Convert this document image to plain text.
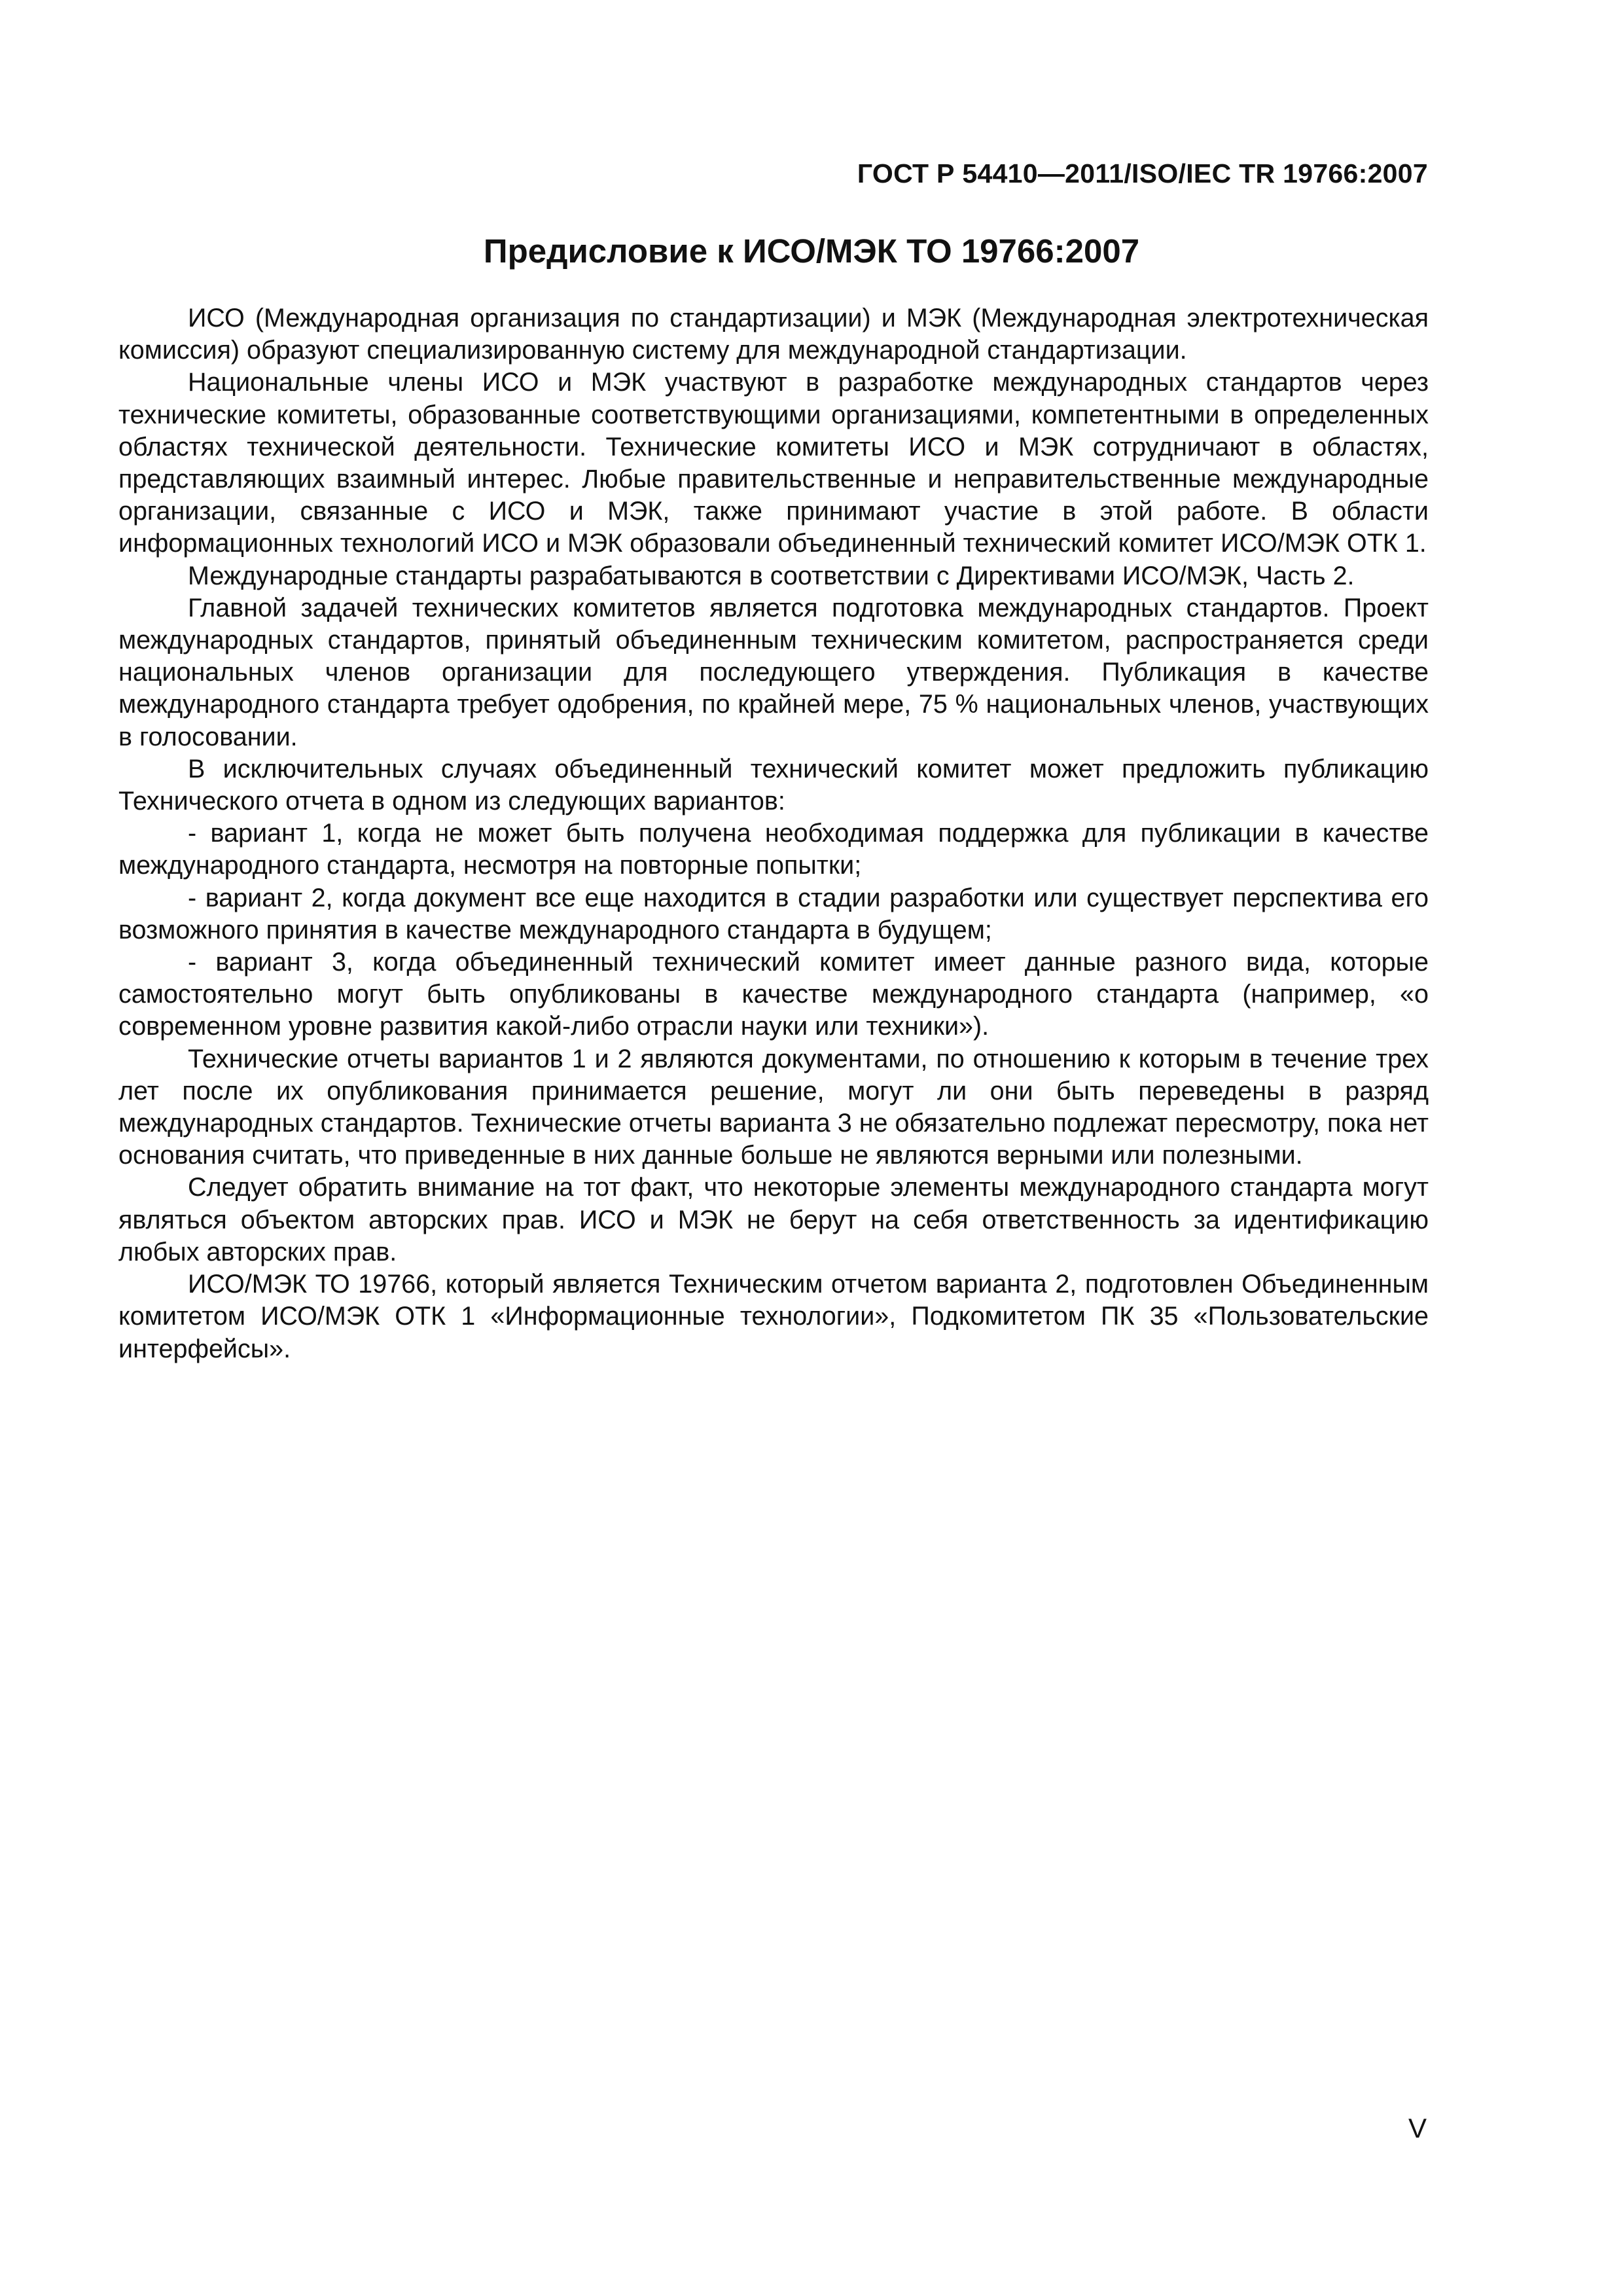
ГОСТ Р 54410—2011/ISO/IEC TR 19766:2007
Предисловие к ИСО/МЭК ТО 19766:2007

ИСО (Международная организация по стандартизации) и МЭК (Международная электротехническая комиссия) образуют специализированную систему для международной стандартизации.

Национальные члены ИСО и МЭК участвуют в разработке международных стандартов через технические комитеты, образованные соответствующими организациями, компетентными в определенных областях технической деятельности. Технические комитеты ИСО и МЭК сотрудничают в областях, представляющих взаимный интерес. Любые правительственные и неправительственные международные организации, связанные с ИСО и МЭК, также принимают участие в этой работе. В области информационных технологий ИСО и МЭК образовали объединенный технический комитет ИСО/МЭК ОТК 1.

Международные стандарты разрабатываются в соответствии с Директивами ИСО/МЭК, Часть 2.

Главной задачей технических комитетов является подготовка международных стандартов. Проект международных стандартов, принятый объединенным техническим комитетом, распространяется среди национальных членов организации для последующего утверждения. Публикация в качестве международного стандарта требует одобрения, по крайней мере, 75 % национальных членов, участвующих в голосовании.

В исключительных случаях объединенный технический комитет может предложить публикацию Технического отчета в одном из следующих вариантов:

- вариант 1, когда не может быть получена необходимая поддержка для публикации в качестве международного стандарта, несмотря на повторные попытки;

- вариант 2, когда документ все еще находится в стадии разработки или существует перспектива его возможного принятия в качестве международного стандарта в будущем;

- вариант 3, когда объединенный технический комитет имеет данные разного вида, которые самостоятельно могут быть опубликованы в качестве международного стандарта (например, «о современном уровне развития какой-либо отрасли науки или техники»).

Технические отчеты вариантов 1 и 2 являются документами, по отношению к которым в течение трех лет после их опубликования принимается решение, могут ли они быть переведены в разряд международных стандартов. Технические отчеты варианта 3 не обязательно подлежат пересмотру, пока нет основания считать, что приведенные в них данные больше не являются верными или полезными.

Следует обратить внимание на тот факт, что некоторые элементы международного стандарта могут являться объектом авторских прав. ИСО и МЭК не берут на себя ответственность за идентификацию любых авторских прав.

ИСО/МЭК ТО 19766, который является Техническим отчетом варианта 2, подготовлен Объединенным комитетом ИСО/МЭК ОТК 1 «Информационные технологии», Подкомитетом ПК 35 «Пользовательские интерфейсы».

V
